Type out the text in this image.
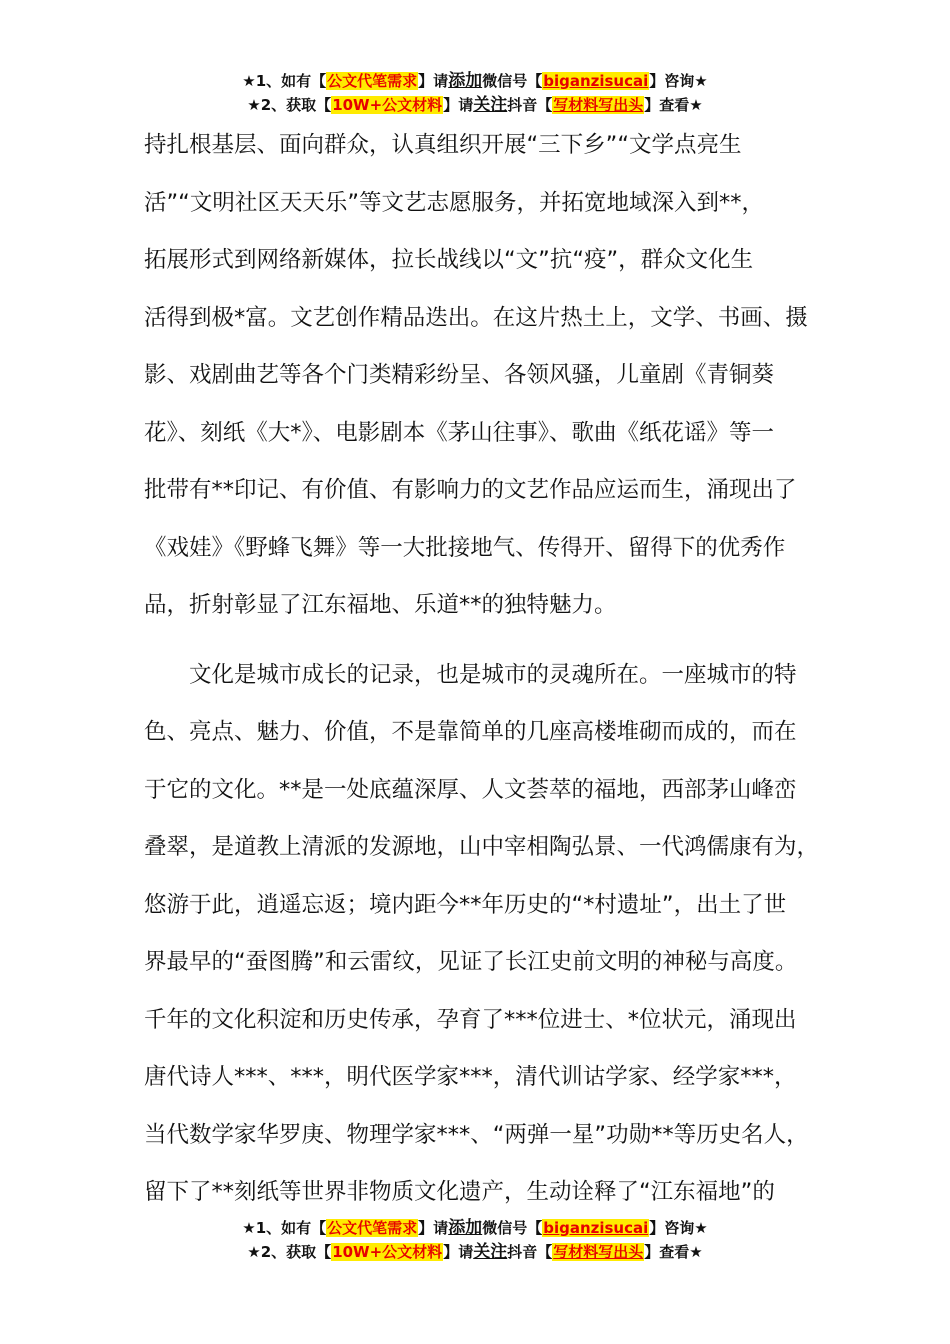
★1、如有【公文代笔需求】请添加微信号【biganzisucai】咨询★
★2、获取【10W+公文材料】请关注抖音【写材料写出头】查看★
持扎根基层、面向群众，认真组织开展“三下乡”“文学点亮生
活”“文明社区天天乐”等文艺志愿服务，并拓宽地域深入到**，
拓展形式到网络新媒体，拉长战线以“文”抗“疫”，群众文化生
活得到极*富。文艺创作精品迭出。在这片热土上，文学、书画、摄
影、戏剧曲艺等各个门类精彩纷呈、各领风骚，儿童剧《青铜葵
花》、刻纸《大*》、电影剧本《茅山往事》、歌曲《纸花谣》等一
批带有**印记、有价值、有影响力的文艺作品应运而生，涌现出了
《戏娃》《野蜂飞舞》等一大批接地气、传得开、留得下的优秀作
品，折射彰显了江东福地、乐道**的独特魅力。
　　文化是城市成长的记录，也是城市的灵魂所在。一座城市的特
色、亮点、魅力、价值，不是靠简单的几座高楼堆砌而成的，而在
于它的文化。**是一处底蕴深厚、人文荟萃的福地，西部茅山峰峦
叠翠，是道教上清派的发源地，山中宰相陶弘景、一代鸿儒康有为，
悠游于此，逍遥忘返；境内距今**年历史的“*村遗址”，出土了世
界最早的“蚕图腾”和云雷纹，见证了长江史前文明的神秘与高度。
千年的文化积淀和历史传承，孕育了***位进士、*位状元，涌现出
唐代诗人***、***，明代医学家***，清代训诂学家、经学家***，
当代数学家华罗庚、物理学家***、“两弹一星”功勋**等历史名人，
留下了**刻纸等世界非物质文化遗产，生动诠释了“江东福地”的
★1、如有【公文代笔需求】请添加微信号【biganzisucai】咨询★
★2、获取【10W+公文材料】请关注抖音【写材料写出头】查看★
